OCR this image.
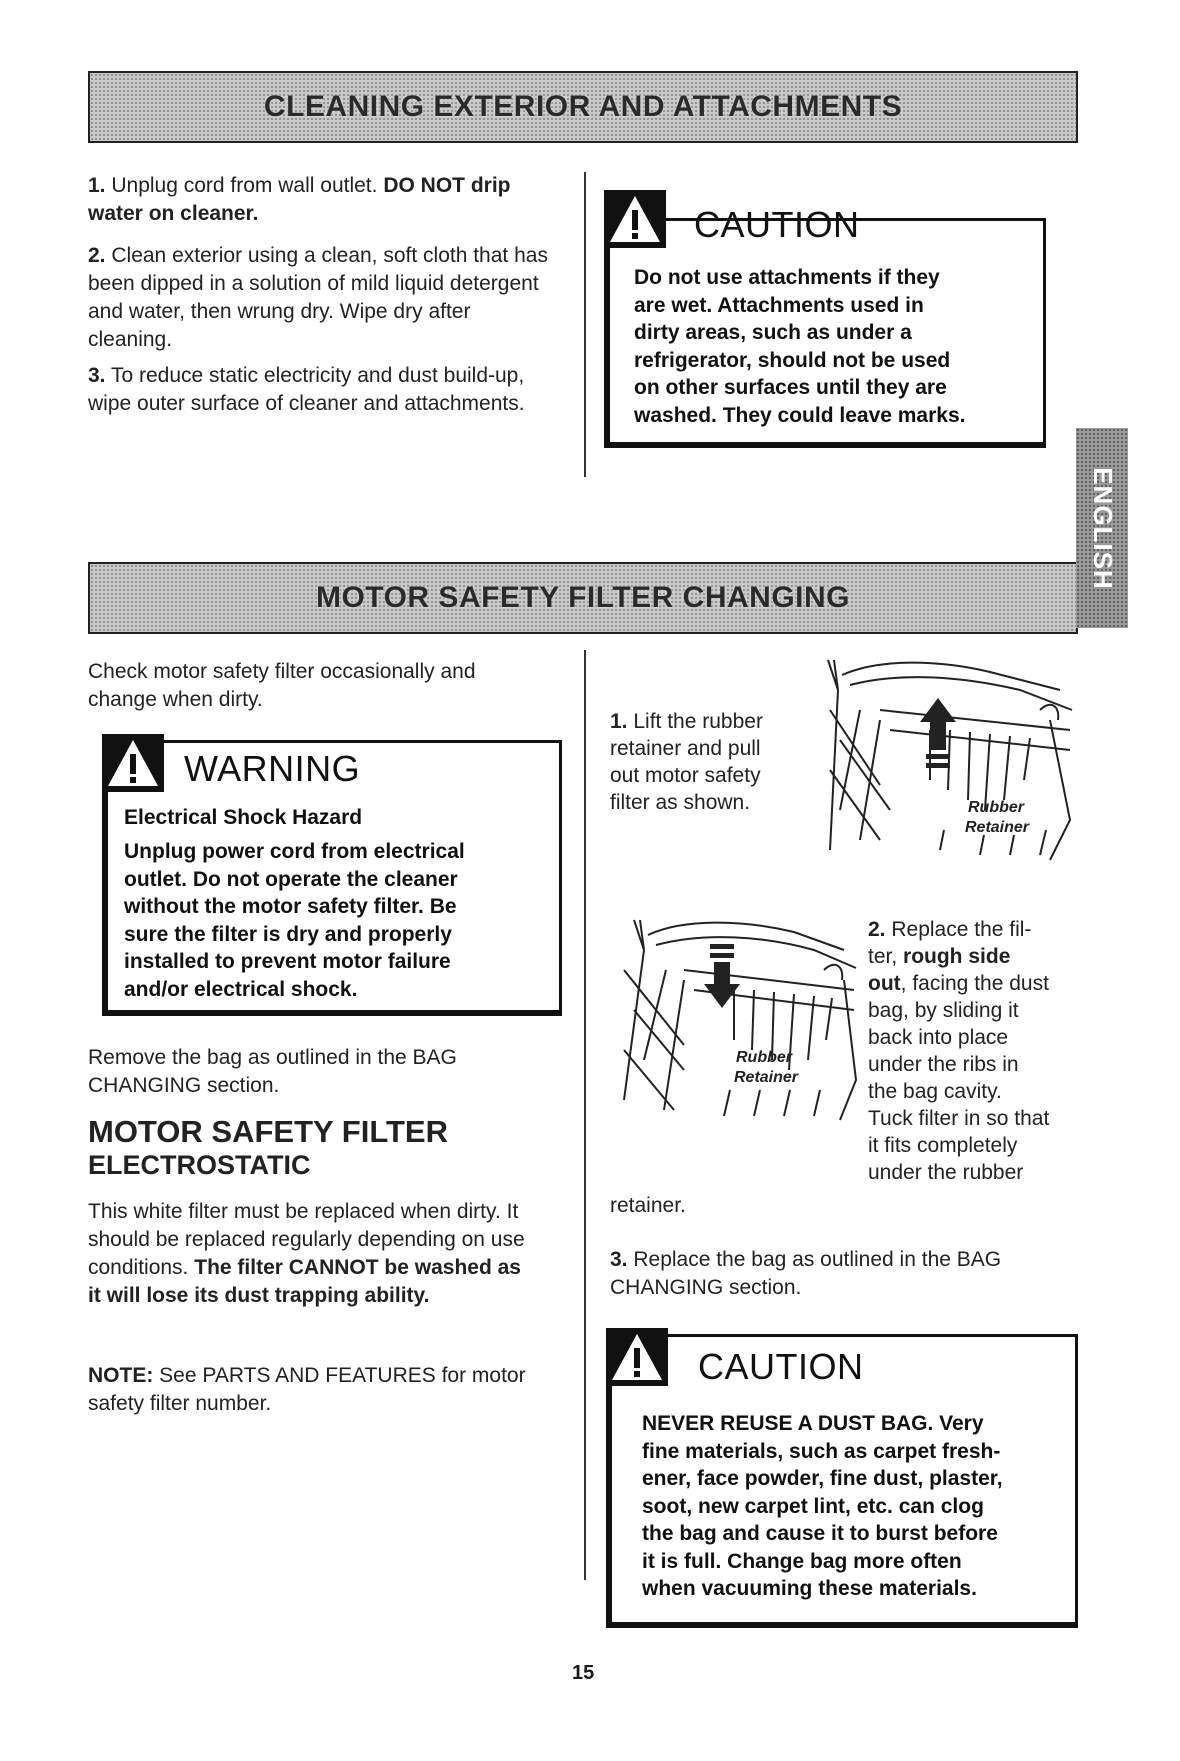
CLEANING EXTERIOR AND ATTACHMENTS
MOTOR SAFETY FILTER CHANGING
ENGLISH
1. Unplug cord from wall outlet. DO NOT drip water on cleaner.
2. Clean exterior using a clean, soft cloth that has been dipped in a solution of mild liquid detergent and water, then wrung dry. Wipe dry after cleaning.
3. To reduce static electricity and dust build-up, wipe outer surface of cleaner and attachments.
CAUTION
Do not use attachments if they
are wet. Attachments used in
dirty areas, such as under a
refrigerator, should not be used
on other surfaces until they are
washed. They could leave marks.
Check motor safety filter occasionally and change when dirty.
WARNING
Electrical Shock Hazard
Unplug power cord from electrical
outlet. Do not operate the cleaner
without the motor safety filter. Be
sure the filter is dry and properly
installed to prevent motor failure
and/or electrical shock.
Remove the bag as outlined in the BAG CHANGING section.
MOTOR SAFETY FILTER
ELECTROSTATIC
This white filter must be replaced when dirty. It should be replaced regularly depending on use conditions. The filter CANNOT be washed as it will lose its dust trapping ability.
NOTE: See PARTS AND FEATURES for motor safety filter number.
1. Lift the rubber
retainer and pull
out motor safety
filter as shown.	Rubber
Retainer
Rubber
Retainer
2. Replace the fil-
ter, rough side
out, facing the dust
bag, by sliding it
back into place
under the ribs in
the bag cavity.
Tuck filter in so that
it fits completely
under the rubber
retainer.
3. Replace the bag as outlined in the BAG CHANGING section.
CAUTION
NEVER REUSE A DUST BAG. Very
fine materials, such as carpet fresh-
ener, face powder, fine dust, plaster,
soot, new carpet lint, etc. can clog
the bag and cause it to burst before
it is full. Change bag more often
when vacuuming these materials.
15
